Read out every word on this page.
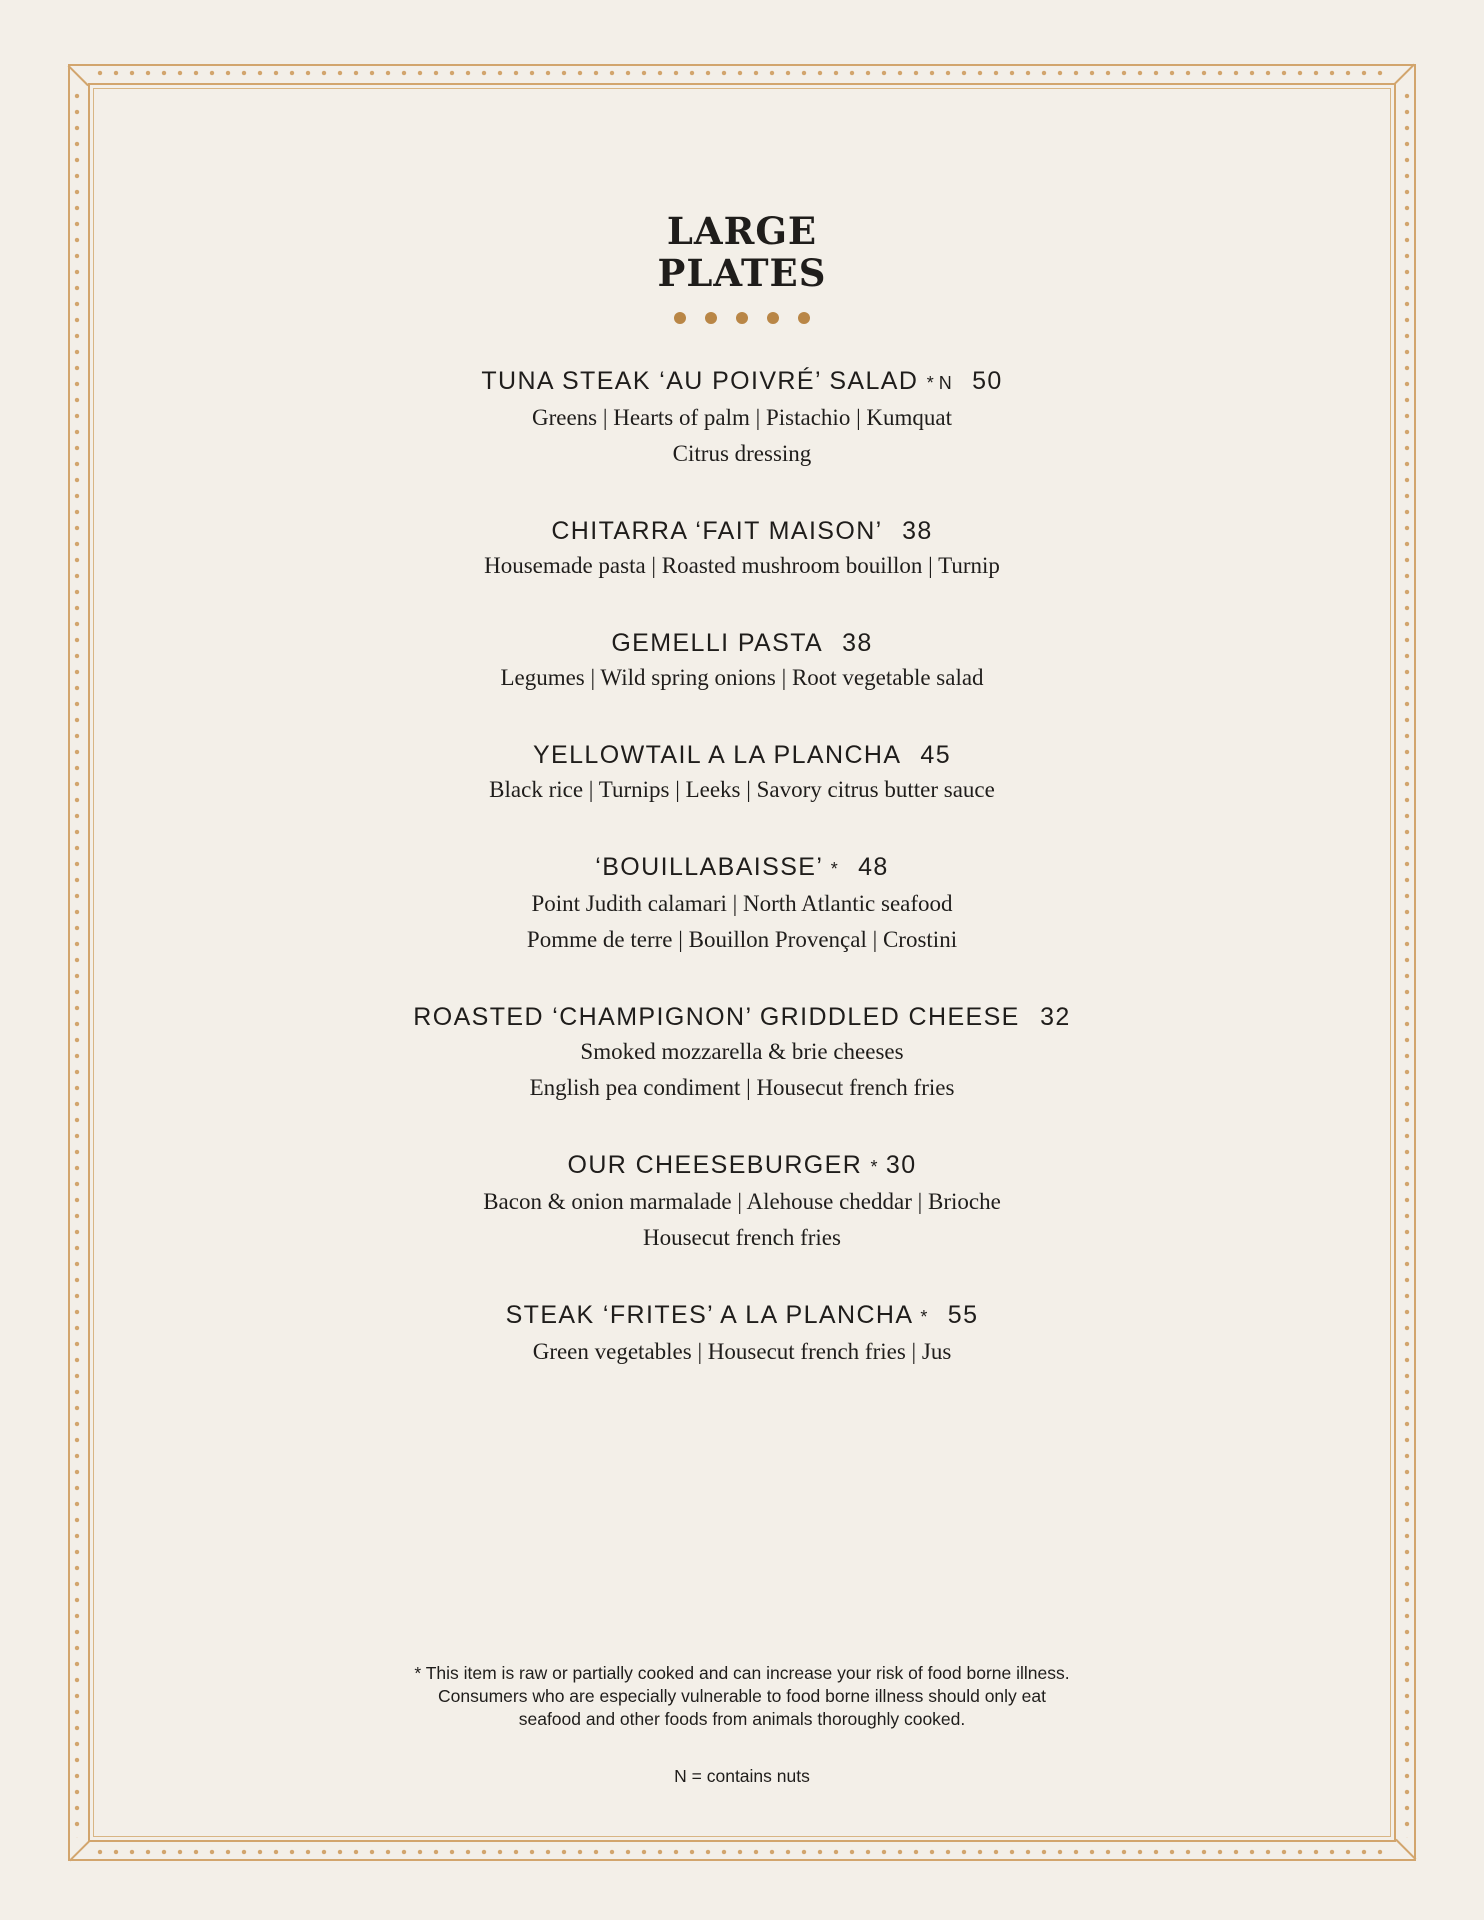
LARGE
PLATES
TUNA STEAK ‘AU POIVRÉ’ SALAD * N 50
Greens | Hearts of palm | Pistachio | Kumquat
Citrus dressing
CHITARRA ‘FAIT MAISON’ 38
Housemade pasta | Roasted mushroom bouillon | Turnip
GEMELLI PASTA 38
Legumes | Wild spring onions | Root vegetable salad
YELLOWTAIL A LA PLANCHA 45
Black rice | Turnips | Leeks | Savory citrus butter sauce
‘BOUILLABAISSE’ * 48
Point Judith calamari | North Atlantic seafood
Pomme de terre | Bouillon Provençal | Crostini
ROASTED ‘CHAMPIGNON’ GRIDDLED CHEESE 32
Smoked mozzarella & brie cheeses
English pea condiment | Housecut french fries
OUR CHEESEBURGER * 30
Bacon & onion marmalade | Alehouse cheddar | Brioche
Housecut french fries
STEAK ‘FRITES’ A LA PLANCHA * 55
Green vegetables | Housecut french fries | Jus
* This item is raw or partially cooked and can increase your risk of food borne illness.
Consumers who are especially vulnerable to food borne illness should only eat
seafood and other foods from animals thoroughly cooked.
N = contains nuts
